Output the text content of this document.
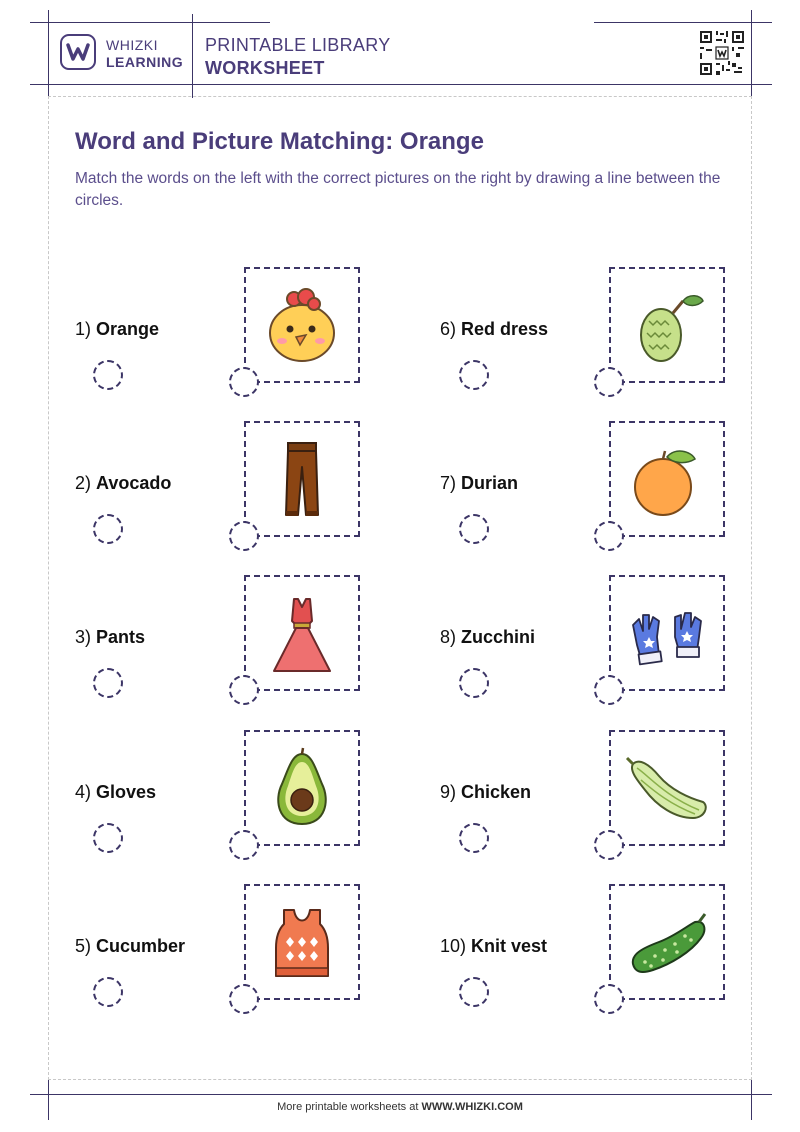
WHIZKI
LEARNING
PRINTABLE LIBRARY
WORKSHEET
Word and Picture Matching: Orange
Match the words on the left with the correct pictures on the right by drawing a line between the circles.
1) Orange
2) Avocado
3) Pants
4) Gloves
5) Cucumber
6) Red dress
7) Durian
8) Zucchini
9) Chicken
10) Knit vest
More printable worksheets at WWW.WHIZKI.COM
